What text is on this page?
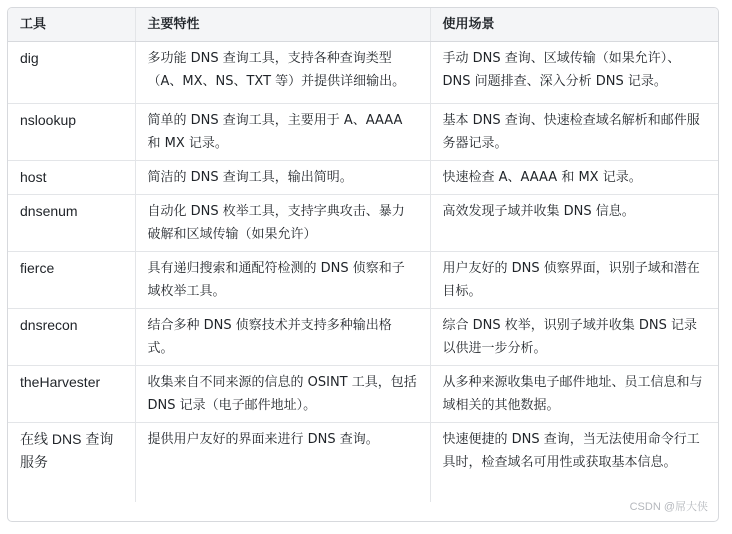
工具	主要特性	使用场景
dig	多功能 DNS 查询工具，支持各种查询类型（A、MX、NS、TXT 等）并提供详细输出。	手动 DNS 查询、区域传输（如果允许）、DNS 问题排查、深入分析 DNS 记录。
nslookup	简单的 DNS 查询工具，主要用于 A、AAAA 和 MX 记录。	基本 DNS 查询、快速检查域名解析和邮件服务器记录。
host	简洁的 DNS 查询工具，输出简明。	快速检查 A、AAAA 和 MX 记录。
dnsenum	自动化 DNS 枚举工具，支持字典攻击、暴力破解和区域传输（如果允许）	高效发现子域并收集 DNS 信息。
fierce	具有递归搜索和通配符检测的 DNS 侦察和子域枚举工具。	用户友好的 DNS 侦察界面，识别子域和潜在目标。
dnsrecon	结合多种 DNS 侦察技术并支持多种输出格式。	综合 DNS 枚举，识别子域并收集 DNS 记录以供进一步分析。
theHarvester	收集来自不同来源的信息的 OSINT 工具，包括 DNS 记录（电子邮件地址）。	从多种来源收集电子邮件地址、员工信息和与域相关的其他数据。
在线 DNS 查询服务	提供用户友好的界面来进行 DNS 查询。	快速便捷的 DNS 查询，当无法使用命令行工具时，检查域名可用性或获取基本信息。
CSDN @屌大侠
